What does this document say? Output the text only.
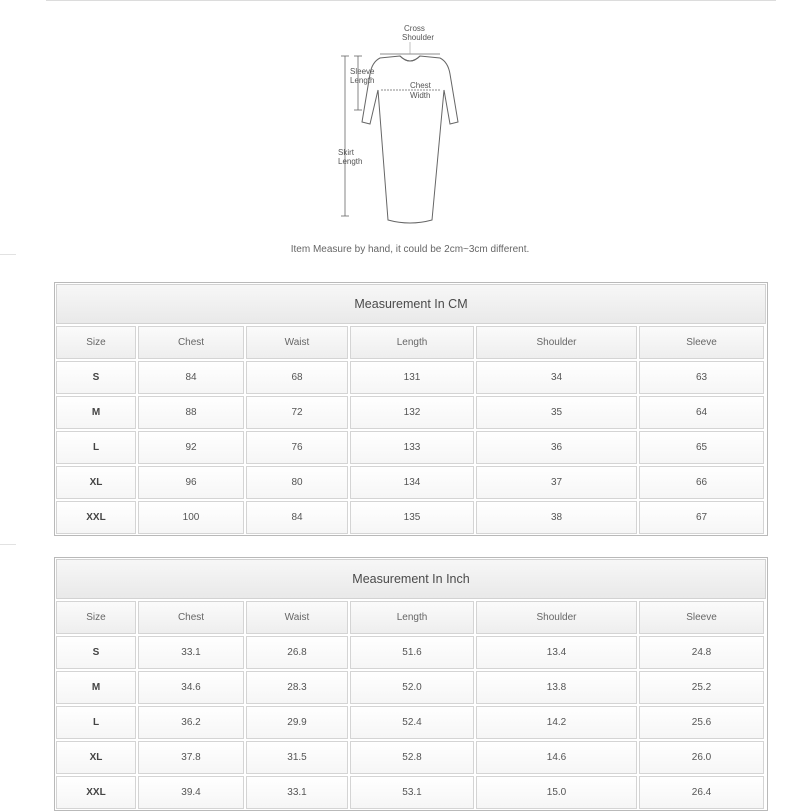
Cross
Shoulder
Sleeve
Length
Chest
Width
Skirt
Length
Item Measure by hand, it could be 2cm~3cm different.
Measurement In CM
Size	Chest	Waist	Length	Shoulder	Sleeve
S	84	68	131	34	63
M	88	72	132	35	64
L	92	76	133	36	65
XL	96	80	134	37	66
XXL	100	84	135	38	67
Measurement In Inch
Size	Chest	Waist	Length	Shoulder	Sleeve
S	33.1	26.8	51.6	13.4	24.8
M	34.6	28.3	52.0	13.8	25.2
L	36.2	29.9	52.4	14.2	25.6
XL	37.8	31.5	52.8	14.6	26.0
XXL	39.4	33.1	53.1	15.0	26.4
